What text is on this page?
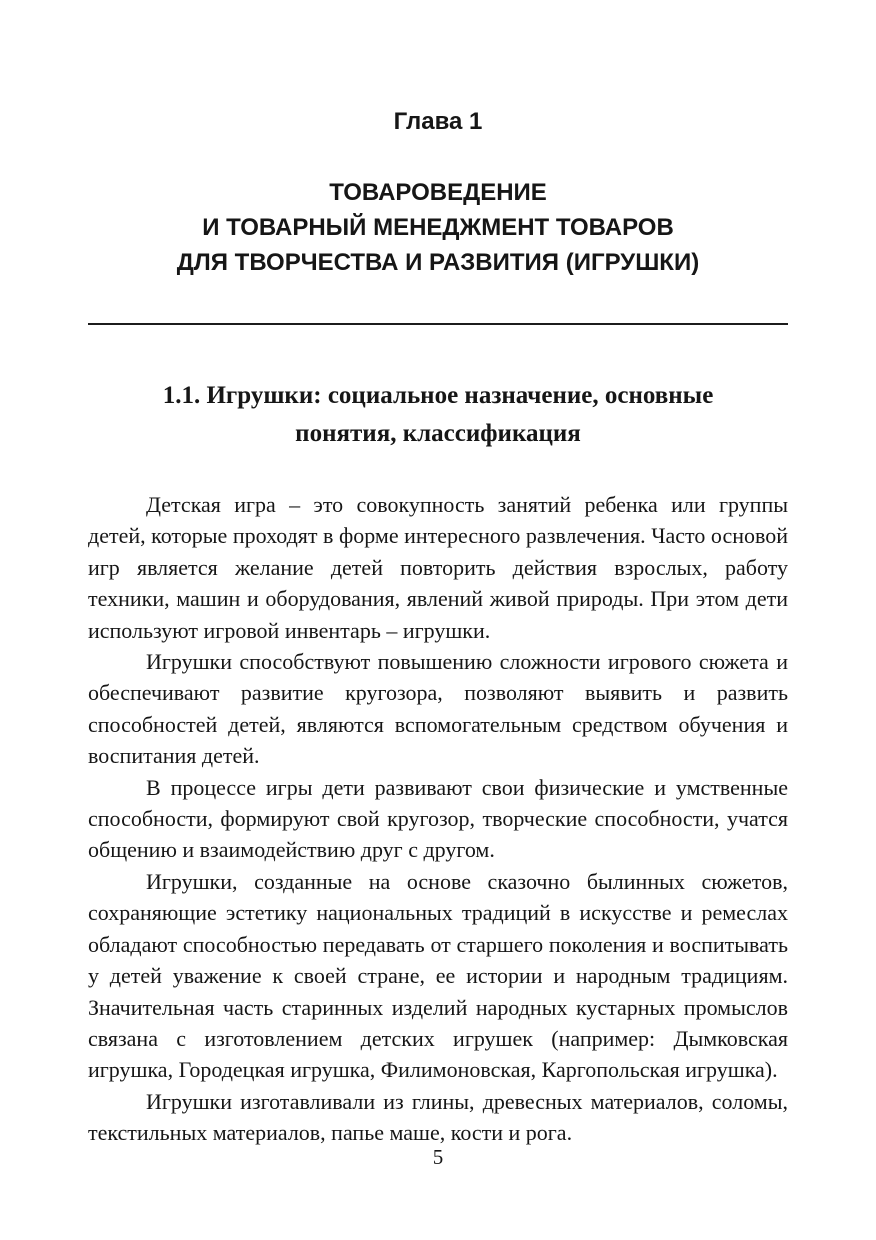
Глава 1
ТОВАРОВЕДЕНИЕ
И ТОВАРНЫЙ МЕНЕДЖМЕНТ ТОВАРОВ
ДЛЯ ТВОРЧЕСТВА И РАЗВИТИЯ (ИГРУШКИ)
1.1. Игрушки: социальное назначение, основные
понятия, классификация

Детская игра – это совокупность занятий ребенка или группы детей, которые проходят в форме интересного развлечения. Часто основой игр является желание детей повторить действия взрослых, работу техники, машин и оборудования, явлений живой природы. При этом дети используют игровой инвентарь – игрушки.

Игрушки способствуют повышению сложности игрового сюжета и обеспечивают развитие кругозора, позволяют выявить и развить способностей детей, являются вспомогательным средством обучения и воспитания детей.

В процессе игры дети развивают свои физические и умственные способности, формируют свой кругозор, творческие способности, учатся общению и взаимодействию друг с другом.

Игрушки, созданные на основе сказочно былинных сюжетов, сохраняющие эстетику национальных традиций в искусстве и ремеслах обладают способностью передавать от старшего поколения и воспитывать у детей уважение к своей стране, ее истории и народным традициям. Значительная часть старинных изделий народных кустарных промыслов связана с изготовлением детских игрушек (например: Дымковская игрушка, Городецкая игрушка, Филимоновская, Каргопольская игрушка).

Игрушки изготавливали из глины, древесных материалов, соломы, текстильных материалов, папье маше, кости и рога.

5
